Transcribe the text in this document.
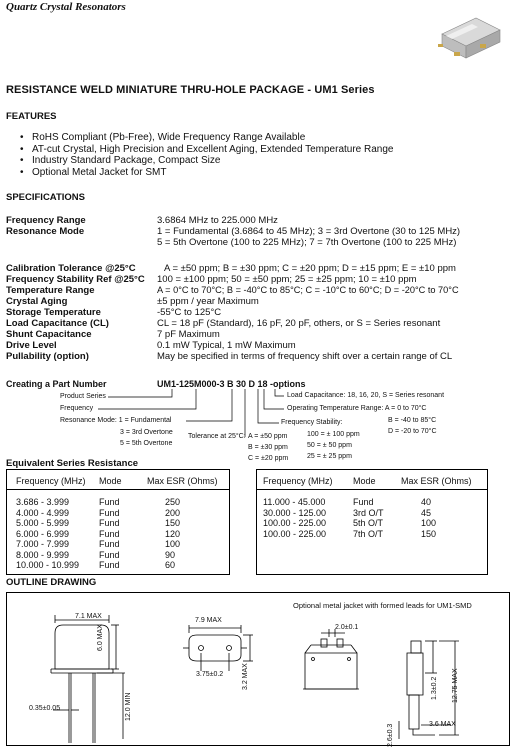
Quartz Crystal Resonators
RESISTANCE WELD MINIATURE THRU-HOLE PACKAGE - UM1 Series
FEATURES
• RoHS Compliant (Pb-Free), Wide Frequency Range Available
• AT-cut Crystal, High Precision and Excellent Aging, Extended Temperature Range
• Industry Standard Package, Compact Size
• Optional Metal Jacket for SMT
SPECIFICATIONS
Frequency Range	3.6864 MHz to 225.000 MHz
Resonance Mode	1 = Fundamental (3.6864 to 45 MHz); 3 = 3rd Overtone (30 to 125 MHz)
5 = 5th Overtone (100 to 225 MHz); 7 = 7th Overtone (100 to 225 MHz)
Calibration Tolerance @25°C	A = ±50 ppm; B = ±30 ppm; C = ±20 ppm; D = ±15 ppm; E = ±10 ppm
Frequency Stability Ref @25°C 100 = ±100 ppm; 50 = ±50 ppm; 25 = ±25 ppm; 10 = ±10 ppm
Temperature Range	A = 0°C to 70°C; B = -40°C to 85°C; C = -10°C to 60°C; D = -20°C to 70°C
Crystal Aging	±5 ppm / year Maximum
Storage Temperature	-55°C to 125°C
Load Capacitance (CL)	CL = 18 pF (Standard), 16 pF, 20 pF, others, or S = Series resonant
Shunt Capacitance	7 pF Maximum
Drive Level	0.1 mW Typical, 1 mW Maximum
Pullability (option)	May be specified in terms of frequency shift over a certain range of CL
Creating a Part Number	UM1-125M000-3 B 30 D 18 -options
Product Series
Frequency
Resonance Mode: 1 = Fundamental
3 = 3rd Overtone
5 = 5th Overtone
Tolerance at 25°C: A = ±50 ppm
B = ±30 ppm
C = ±20 ppm
Frequency Stability:
100 = ± 100 ppm
50 = ± 50 ppm
25 = ± 25 ppm
Load Capacitance: 18, 16, 20, S = Series resonant
Operating Temperature Range: A = 0 to 70°C
B = -40 to 85°C
D = -20 to 70°C
Equivalent Series Resistance
Frequency (MHz)	Mode	Max ESR (Ohms)
3.686 - 3.999	Fund	250
4.000 - 4.999	Fund	200
5.000 - 5.999	Fund	150
6.000 - 6.999	Fund	120
7.000 - 7.999	Fund	100
8.000 - 9.999	Fund	90
10.000 - 10.999	Fund	60
Frequency (MHz)	Mode	Max ESR (Ohms)
11.000 - 45.000	Fund	40
30.000 - 125.00	3rd O/T	45
100.00 - 225.00	5th O/T	100
100.00 - 225.00	7th O/T	150
OUTLINE DRAWING
Optional metal jacket with formed leads for UM1-SMD
7.1 MAX
6.0 MAX
12.0 MIN
0.35±0.05
7.9 MAX
3.75±0.2	3.2 MAX
2.0±0.1
1.3±0.2 12.75 MAX
2.6±0.3	3.6 MAX
